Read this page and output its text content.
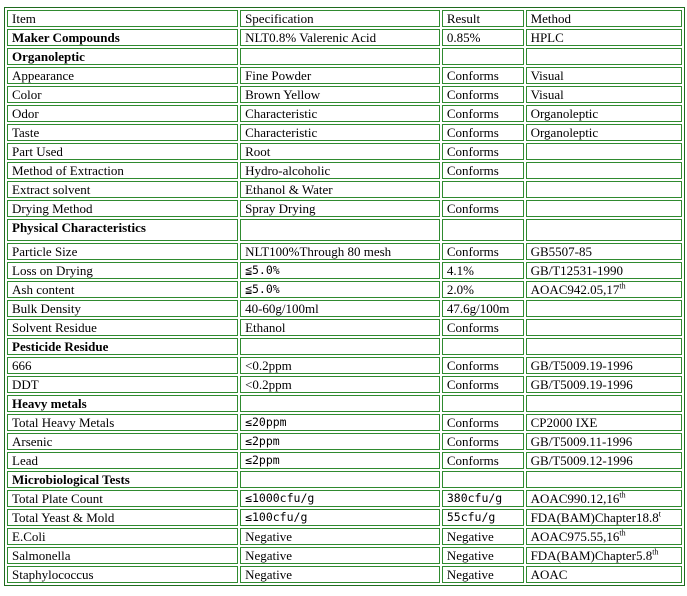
Item	Specification	Result	Method
Maker Compounds	NLT0.8% Valerenic Acid	0.85%	HPLC
Organoleptic			
Appearance	Fine Powder	Conforms	Visual
Color	Brown Yellow	Conforms	Visual
Odor	Characteristic	Conforms	Organoleptic
Taste	Characteristic	Conforms	Organoleptic
Part Used	Root	Conforms	
Method of Extraction	Hydro-alcoholic	Conforms	
Extract solvent	Ethanol & Water		
Drying Method	Spray Drying	Conforms	
Physical Characteristics			
Particle Size	NLT100%Through 80 mesh	Conforms	GB5507-85
Loss on Drying	≦5.0%	4.1%	GB/T12531-1990
Ash content	≦5.0%	2.0%	AOAC942.05,17th
Bulk Density	40-60g/100ml	47.6g/100m	
Solvent Residue	Ethanol	Conforms	
Pesticide Residue			
666	<0.2ppm	Conforms	GB/T5009.19-1996
DDT	<0.2ppm	Conforms	GB/T5009.19-1996
Heavy metals			
Total Heavy Metals	≤20ppm	Conforms	CP2000 IXE
Arsenic	≤2ppm	Conforms	GB/T5009.11-1996
Lead	≤2ppm	Conforms	GB/T5009.12-1996
Microbiological Tests			
Total Plate Count	≤1000cfu/g	380cfu/g	AOAC990.12,16th
Total Yeast & Mold	≤100cfu/g	55cfu/g	FDA(BAM)Chapter18.8$^t$
E.Coli	Negative	Negative	AOAC975.55,16th
Salmonella	Negative	Negative	FDA(BAM)Chapter5.8th
Staphylococcus	Negative	Negative	AOAC
